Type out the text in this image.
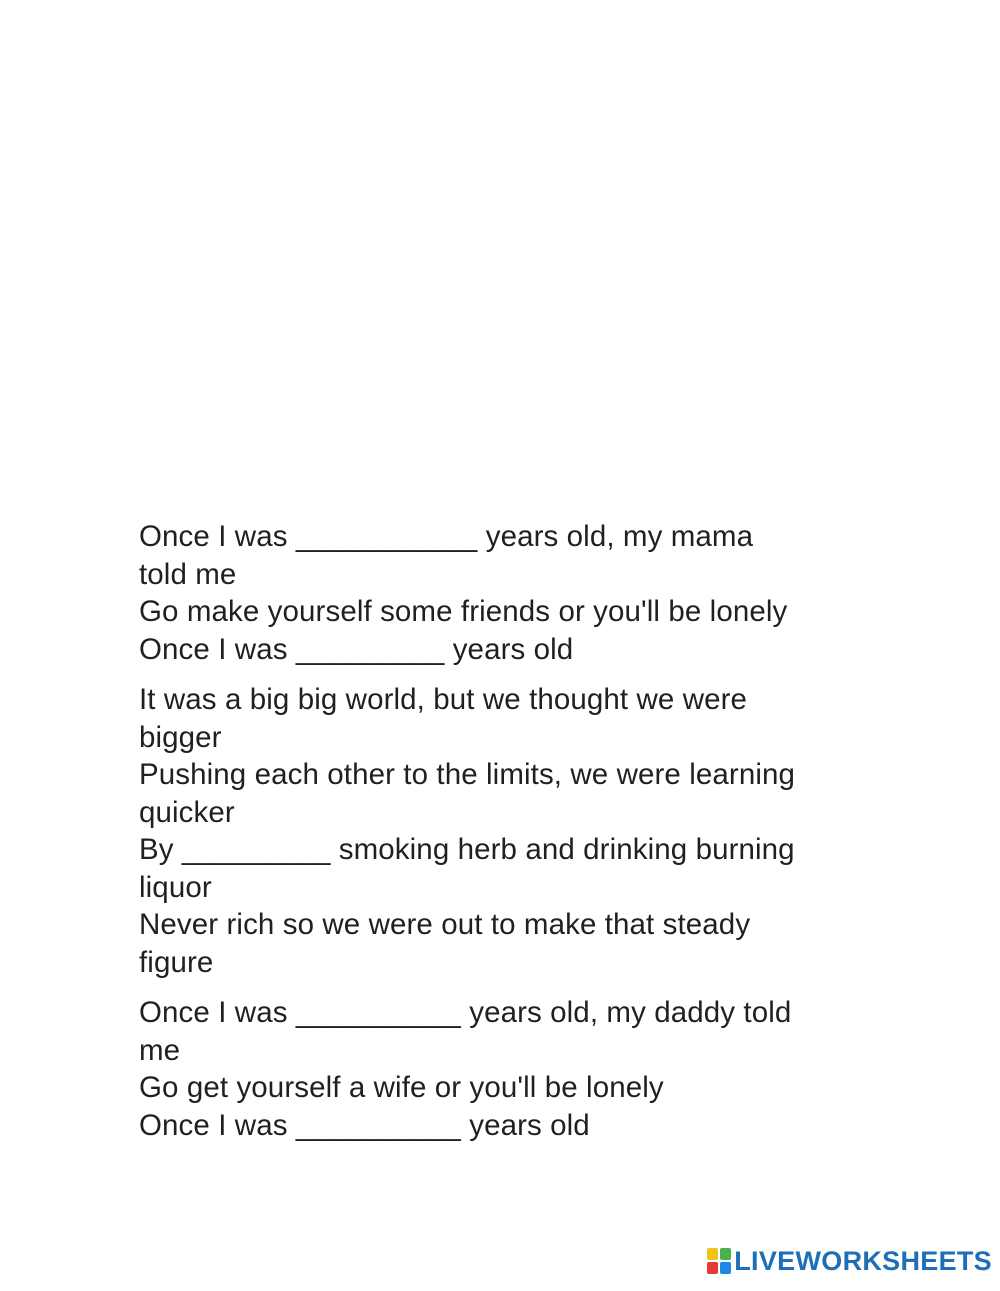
Once I was ___________ years old, my mama
told me
Go make yourself some friends or you'll be lonely
Once I was _________ years old
It was a big big world, but we thought we were
bigger
Pushing each other to the limits, we were learning
quicker
By _________ smoking herb and drinking burning
liquor
Never rich so we were out to make that steady
figure
Once I was __________ years old, my daddy told
me
Go get yourself a wife or you'll be lonely
Once I was __________ years old
LIVEWORKSHEETS
